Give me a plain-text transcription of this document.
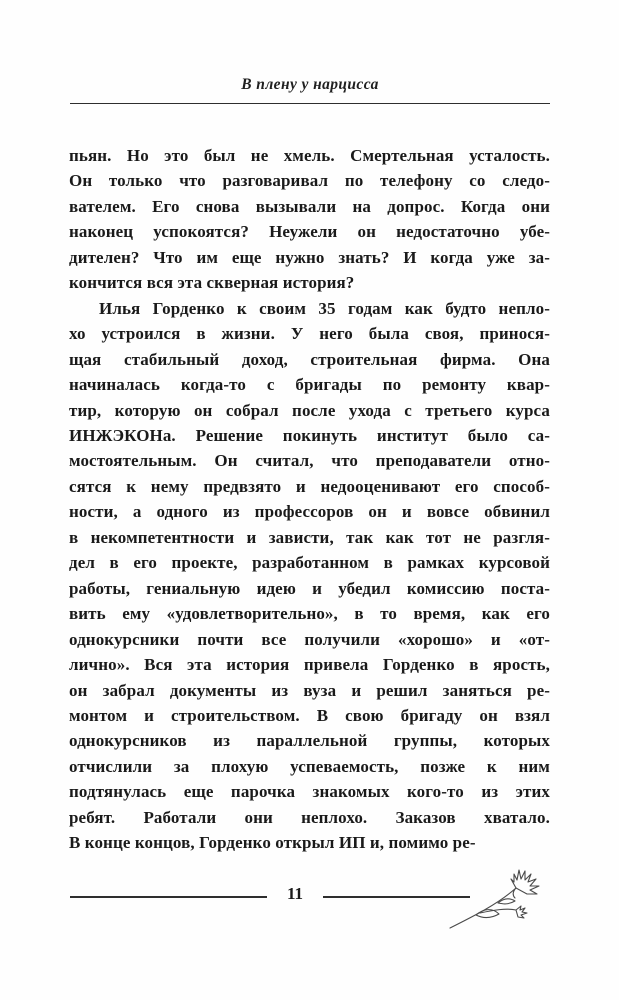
В плену у нарцисса
пьян. Но это был не хмель. Смертельная усталость.
Он только что разговаривал по телефону со следо-
вателем. Его снова вызывали на допрос. Когда они
наконец успокоятся? Неужели он недостаточно убе-
дителен? Что им еще нужно знать? И когда уже за-
кончится вся эта скверная история?
Илья Горденко к своим 35 годам как будто непло-
хо устроился в жизни. У него была своя, принося-
щая стабильный доход, строительная фирма. Она
начиналась когда-то с бригады по ремонту квар-
тир, которую он собрал после ухода с третьего курса
ИНЖЭКОНа. Решение покинуть институт было са-
мостоятельным. Он считал, что преподаватели отно-
сятся к нему предвзято и недооценивают его способ-
ности, а одного из профессоров он и вовсе обвинил
в некомпетентности и зависти, так как тот не разгля-
дел в его проекте, разработанном в рамках курсовой
работы, гениальную идею и убедил комиссию поста-
вить ему «удовлетворительно», в то время, как его
однокурсники почти все получили «хорошо» и «от-
лично». Вся эта история привела Горденко в ярость,
он забрал документы из вуза и решил заняться ре-
монтом и строительством. В свою бригаду он взял
однокурсников из параллельной группы, которых
отчислили за плохую успеваемость, позже к ним
подтянулась еще парочка знакомых кого-то из этих
ребят. Работали они неплохо. Заказов хватало.
В конце концов, Горденко открыл ИП и, помимо ре-
11
